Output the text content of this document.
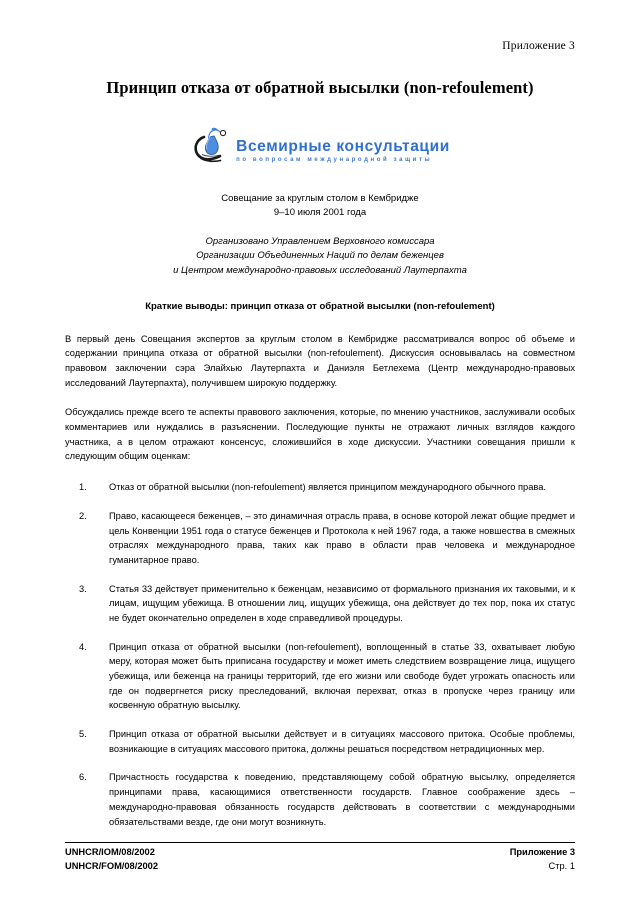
Приложение 3
Принцип отказа от обратной высылки (non-refoulement)
Всемирные консультации
по вопросам международной защиты
Совещание за круглым столом в Кембридже
9–10 июля 2001 года
Организовано Управлением Верховного комиссара
Организации Объединенных Наций по делам беженцев
и Центром международно-правовых исследований Лаутерпахта
Краткие выводы: принцип отказа от обратной высылки (non-refoulement)

В первый день Совещания экспертов за круглым столом в Кембридже рассматривался вопрос об объеме и содержании принципа отказа от обратной высылки (non-refoulement). Дискуссия основывалась на совместном правовом заключении сэра Элайхью Лаутерпахта и Даниэля Бетлехема (Центр международно-правовых исследований Лаутерпахта), получившем широкую поддержку.

Обсуждались прежде всего те аспекты правового заключения, которые, по мнению участников, заслуживали особых комментариев или нуждались в разъяснении. Последующие пункты не отражают личных взглядов каждого участника, а в целом отражают консенсус, сложившийся в ходе дискуссии. Участники совещания пришли к следующим общим оценкам:

1.	Отказ от обратной высылки (non-refoulement) является принципом международного обычного права.
2.	Право, касающееся беженцев, – это динамичная отрасль права, в основе которой лежат общие предмет и цель Конвенции 1951 года о статусе беженцев и Протокола к ней 1967 года, а также новшества в смежных отраслях международного права, таких как право в области прав человека и международное гуманитарное право.
3.	Статья 33 действует применительно к беженцам, независимо от формального признания их таковыми, и к лицам, ищущим убежища. В отношении лиц, ищущих убежища, она действует до тех пор, пока их статус не будет окончательно определен в ходе справедливой процедуры.
4.	Принцип отказа от обратной высылки (non-refoulement), воплощенный в статье 33, охватывает любую меру, которая может быть приписана государству и может иметь следствием возвращение лица, ищущего убежища, или беженца на границы территорий, где его жизни или свободе будет угрожать опасность или где он подвергнется риску преследований, включая перехват, отказ в пропуске через границу или косвенную обратную высылку.
5.	Принцип отказа от обратной высылки действует и в ситуациях массового притока. Особые проблемы, возникающие в ситуациях массового притока, должны решаться посредством нетрадиционных мер.
6.	Причастность государства к поведению, представляющему собой обратную высылку, определяется принципами права, касающимися ответственности государств. Главное соображение здесь – международно-правовая обязанность государств действовать в соответствии с международными обязательствами везде, где они могут возникнуть.
UNHCR/IOM/08/2002	Приложение 3
UNHCR/FOM/08/2002	Стр. 1
